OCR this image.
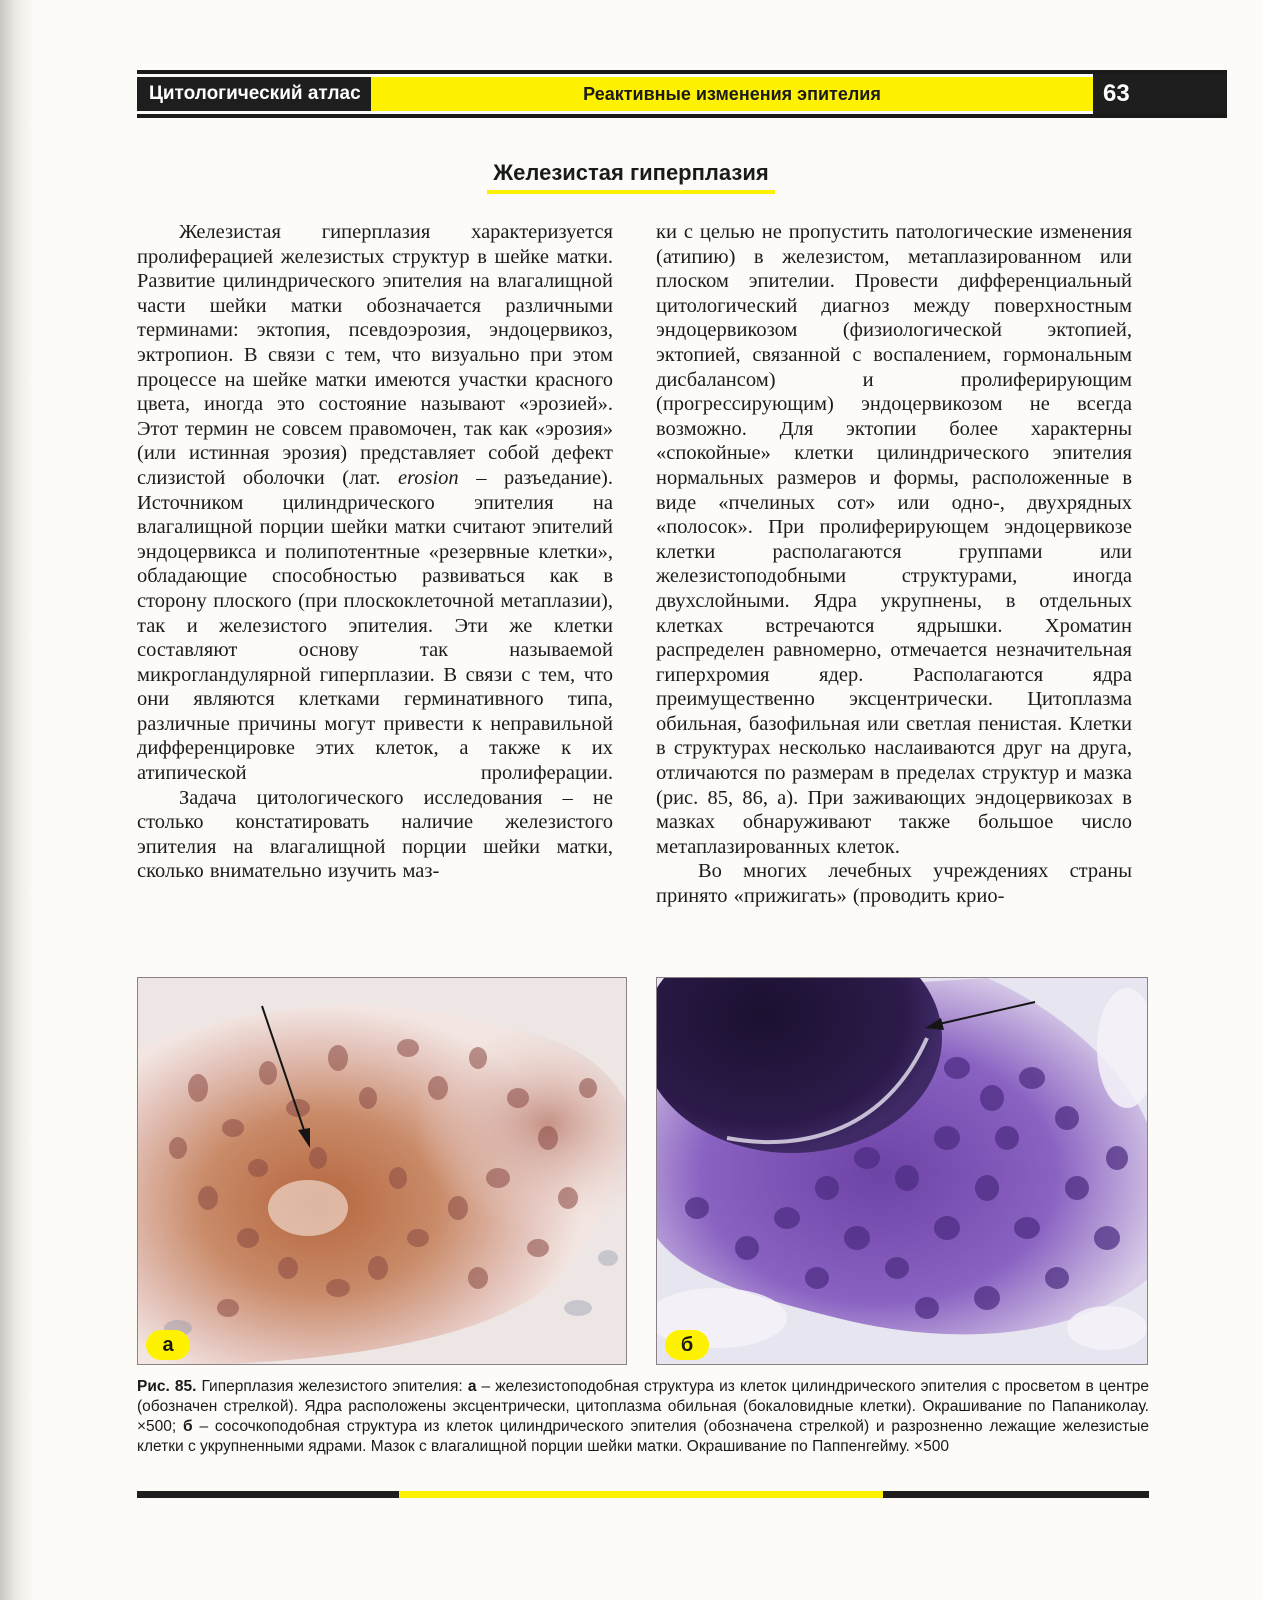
Цитологический атлас	Реактивные изменения эпителия	63
Железистая гиперплазия

Железистая гиперплазия характеризуется пролиферацией железистых структур в шейке матки. Развитие цилиндрического эпителия на влагалищной части шейки матки обозначается различными терминами: эктопия, псевдоэрозия, эндоцервикоз, эктропион. В связи с тем, что визуально при этом процессе на шейке матки имеются участки красного цвета, иногда это состояние называют «эрозией». Этот термин не совсем правомочен, так как «эрозия» (или истинная эрозия) представляет собой дефект слизистой оболочки (лат. erosion – разъедание). Источником цилиндрического эпителия на влагалищной порции шейки матки считают эпителий эндоцервикса и полипотентные «резервные клетки», обладающие способностью развиваться как в сторону плоского (при плоскоклеточной метаплазии), так и железистого эпителия. Эти же клетки составляют основу так называемой микрогландулярной гиперплазии. В связи с тем, что они являются клетками герминативного типа, различные причины могут привести к неправильной дифференцировке этих клеток, а также к их атипической пролиферации.

Задача цитологического исследования – не столько констатировать наличие железистого эпителия на влагалищной порции шейки матки, сколько внимательно изучить маз-

ки с целью не пропустить патологические изменения (атипию) в железистом, метаплазированном или плоском эпителии. Провести дифференциальный цитологический диагноз между поверхностным эндоцервикозом (физиологической эктопией, эктопией, связанной с воспалением, гормональным дисбалансом) и пролиферирующим (прогрессирующим) эндоцервикозом не всегда возможно. Для эктопии более характерны «спокойные» клетки цилиндрического эпителия нормальных размеров и формы, расположенные в виде «пчелиных сот» или одно-, двухрядных «полосок». При пролиферирующем эндоцервикозе клетки располагаются группами или железистоподобными структурами, иногда двухслойными. Ядра укрупнены, в отдельных клетках встречаются ядрышки. Хроматин распределен равномерно, отмечается незначительная гиперхромия ядер. Располагаются ядра преимущественно эксцентрически. Цитоплазма обильная, базофильная или светлая пенистая. Клетки в структурах несколько наслаиваются друг на друга, отличаются по размерам в пределах структур и мазка (рис. 85, 86, а). При заживающих эндоцервикозах в мазках обнаруживают также большое число метаплазированных клеток.

Во многих лечебных учреждениях страны принято «прижигать» (проводить крио-

а	б
Рис. 85. Гиперплазия железистого эпителия: а – железистоподобная структура из клеток цилиндрического эпителия с просветом в центре (обозначен стрелкой). Ядра расположены эксцентрически, цитоплазма обильная (бокаловидные клетки). Окрашивание по Папаниколау. ×500; б – сосочкоподобная структура из клеток цилиндрического эпителия (обозначена стрелкой) и разрозненно лежащие железистые клетки с укрупненными ядрами. Мазок с влагалищной порции шейки матки. Окрашивание по Паппенгейму. ×500
